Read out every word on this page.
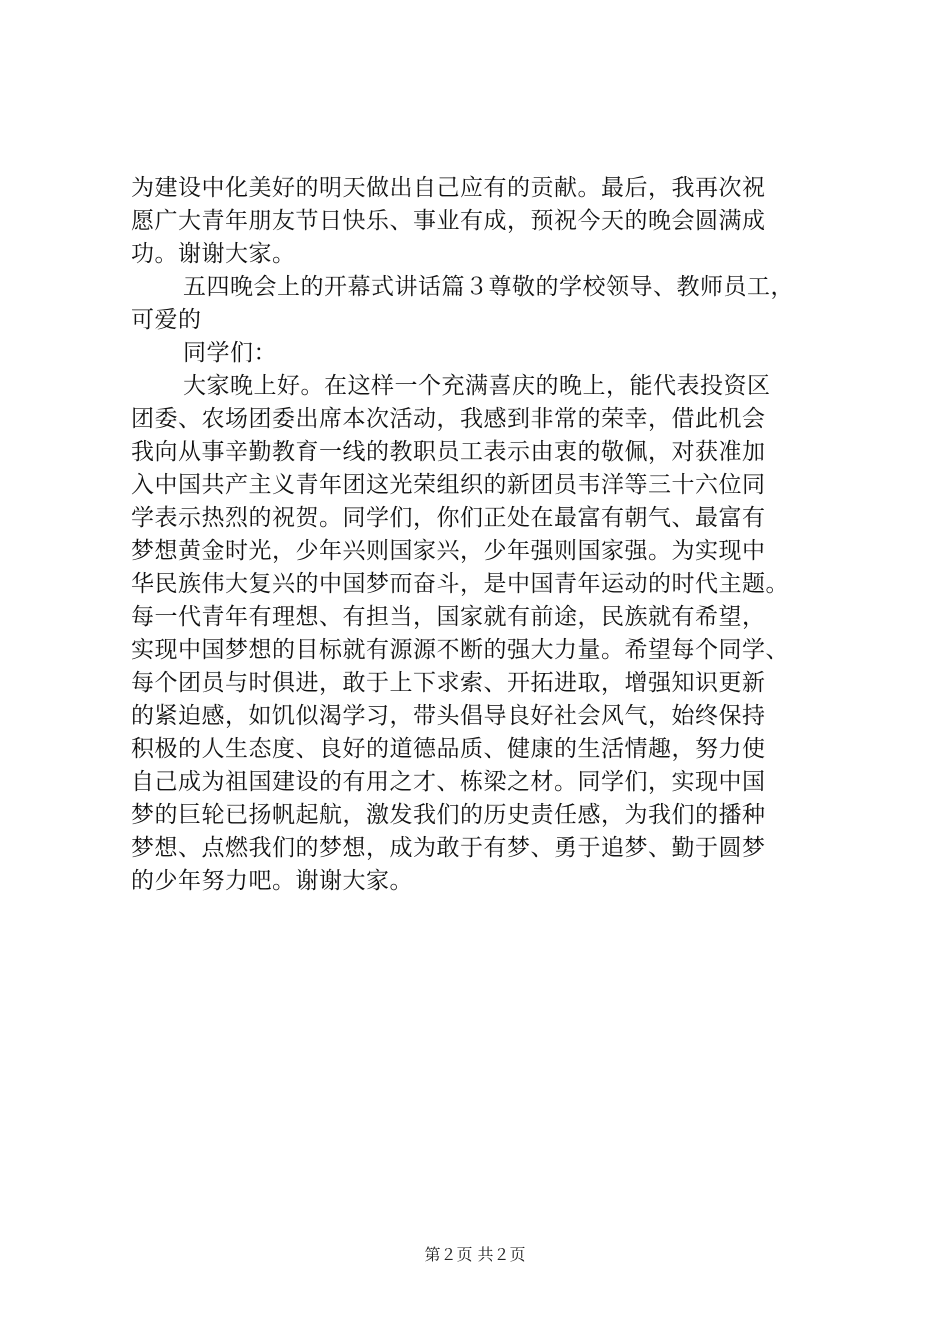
为建设中化美好的明天做出自己应有的贡献。最后，我再次祝
愿广大青年朋友节日快乐、事业有成，预祝今天的晚会圆满成
功。谢谢大家。
五四晚会上的开幕式讲话篇３尊敬的学校领导、教师员工，
可爱的
同学们：
大家晚上好。在这样一个充满喜庆的晚上，能代表投资区
团委、农场团委出席本次活动，我感到非常的荣幸，借此机会
我向从事辛勤教育一线的教职员工表示由衷的敬佩，对获准加
入中国共产主义青年团这光荣组织的新团员韦洋等三十六位同
学表示热烈的祝贺。同学们，你们正处在最富有朝气、最富有
梦想黄金时光，少年兴则国家兴，少年强则国家强。为实现中
华民族伟大复兴的中国梦而奋斗，是中国青年运动的时代主题。
每一代青年有理想、有担当，国家就有前途，民族就有希望，
实现中国梦想的目标就有源源不断的强大力量。希望每个同学、
每个团员与时俱进，敢于上下求索、开拓进取，增强知识更新
的紧迫感，如饥似渴学习，带头倡导良好社会风气，始终保持
积极的人生态度、良好的道德品质、健康的生活情趣，努力使
自己成为祖国建设的有用之才、栋梁之材。同学们，实现中国
梦的巨轮已扬帆起航，激发我们的历史责任感，为我们的播种
梦想、点燃我们的梦想，成为敢于有梦、勇于追梦、勤于圆梦
的少年努力吧。谢谢大家。
第２页 共２页
